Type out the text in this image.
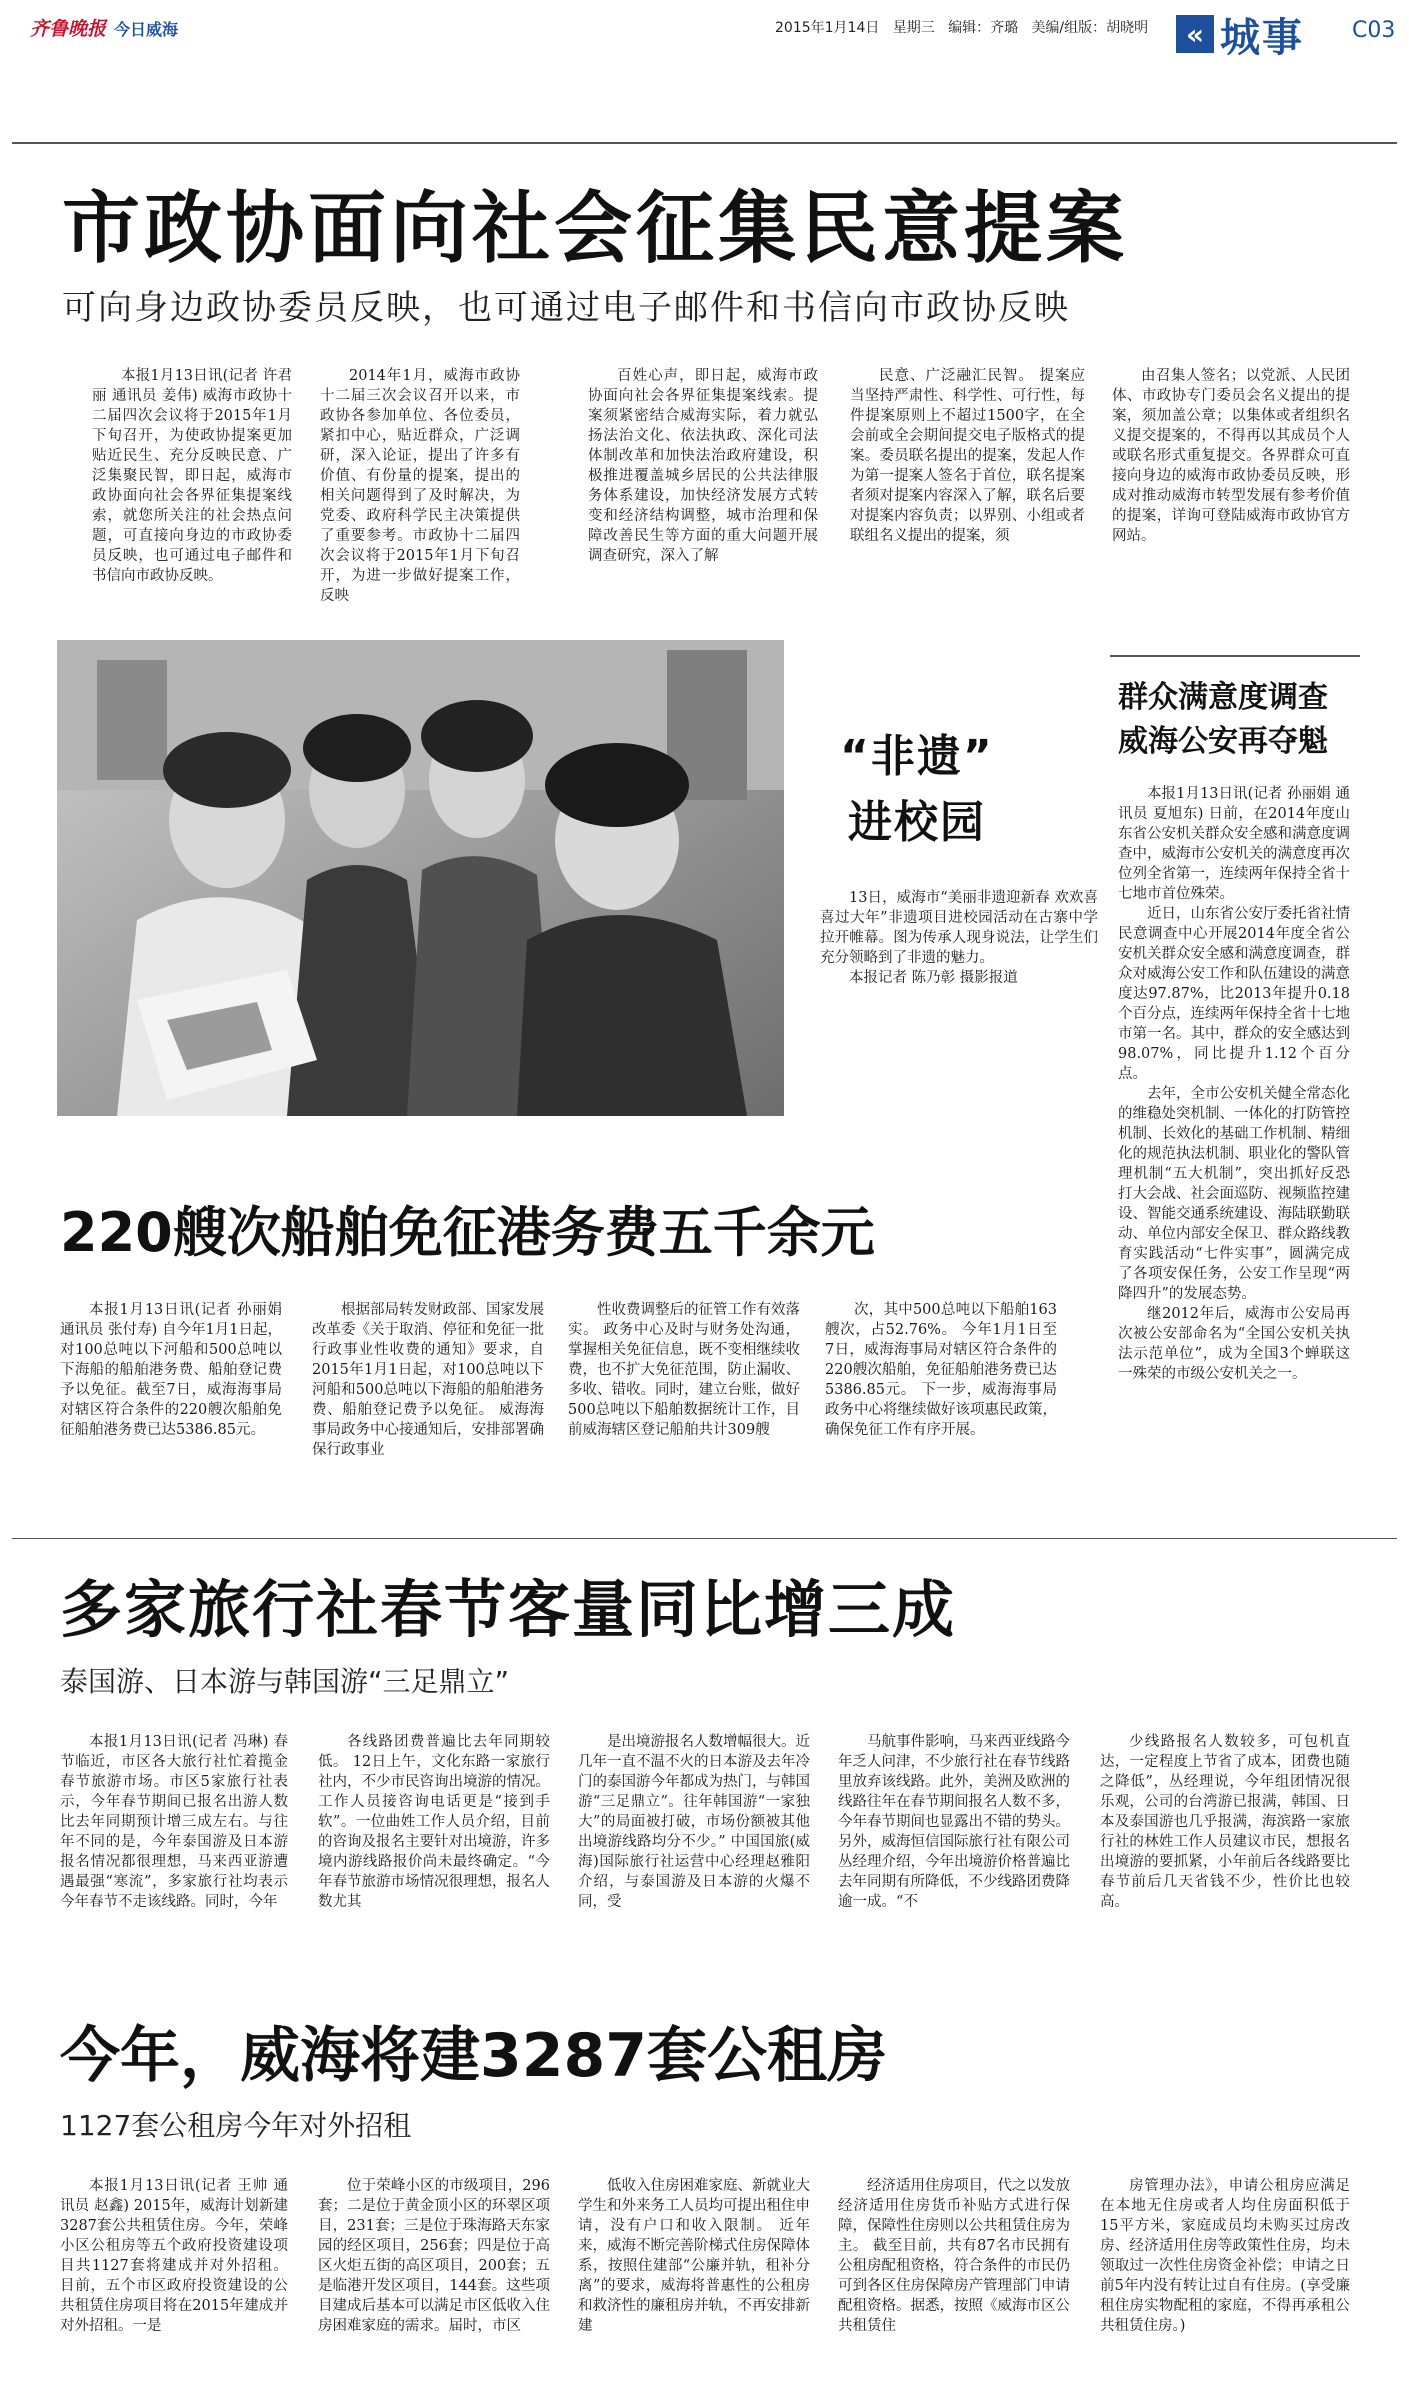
齐鲁晚报 今日威海	2015年1月14日 星期三 编辑：齐璐 美编/组版：胡晓明	« 城事 C03
市政协面向社会征集民意提案
可向身边政协委员反映，也可通过电子邮件和书信向市政协反映

本报1月13日讯(记者 许君丽 通讯员 姜伟) 威海市政协十二届四次会议将于2015年1月下旬召开，为使政协提案更加贴近民生、充分反映民意、广泛集聚民智，即日起，威海市政协面向社会各界征集提案线索，就您所关注的社会热点问题，可直接向身边的市政协委员反映，也可通过电子邮件和书信向市政协反映。

2014年1月，威海市政协十二届三次会议召开以来，市政协各参加单位、各位委员，紧扣中心，贴近群众，广泛调研，深入论证，提出了许多有价值、有份量的提案，提出的相关问题得到了及时解决，为党委、政府科学民主决策提供了重要参考。市政协十二届四次会议将于2015年1月下旬召开，为进一步做好提案工作，反映

百姓心声，即日起，威海市政协面向社会各界征集提案线索。提案须紧密结合威海实际，着力就弘扬法治文化、依法执政、深化司法体制改革和加快法治政府建设，积极推进覆盖城乡居民的公共法律服务体系建设，加快经济发展方式转变和经济结构调整，城市治理和保障改善民生等方面的重大问题开展调查研究，深入了解

民意、广泛融汇民智。 提案应当坚持严肃性、科学性、可行性，每件提案原则上不超过1500字，在全会前或全会期间提交电子版格式的提案。委员联名提出的提案，发起人作为第一提案人签名于首位，联名提案者须对提案内容深入了解，联名后要对提案内容负责；以界别、小组或者联组名义提出的提案，须

由召集人签名；以党派、人民团体、市政协专门委员会名义提出的提案，须加盖公章；以集体或者组织名义提交提案的，不得再以其成员个人或联名形式重复提交。各界群众可直接向身边的威海市政协委员反映，形成对推动威海市转型发展有参考价值的提案，详询可登陆威海市政协官方网站。

“非遗”
进校园

13日，威海市“美丽非遗迎新春 欢欢喜喜过大年”非遗项目进校园活动在古寨中学拉开帷幕。图为传承人现身说法，让学生们充分领略到了非遗的魅力。

本报记者 陈乃彰 摄影报道

群众满意度调查
威海公安再夺魁

本报1月13日讯(记者 孙丽娟 通讯员 夏旭东) 日前，在2014年度山东省公安机关群众安全感和满意度调查中，威海市公安机关的满意度再次位列全省第一，连续两年保持全省十七地市首位殊荣。

近日，山东省公安厅委托省社情民意调查中心开展2014年度全省公安机关群众安全感和满意度调查，群众对威海公安工作和队伍建设的满意度达97.87%，比2013年提升0.18个百分点，连续两年保持全省十七地市第一名。其中，群众的安全感达到98.07%，同比提升1.12个百分点。

去年，全市公安机关健全常态化的维稳处突机制、一体化的打防管控机制、长效化的基础工作机制、精细化的规范执法机制、职业化的警队管理机制“五大机制”，突出抓好反恐打大会战、社会面巡防、视频监控建设、智能交通系统建设、海陆联勤联动、单位内部安全保卫、群众路线教育实践活动“七件实事”，圆满完成了各项安保任务，公安工作呈现“两降四升”的发展态势。

继2012年后，威海市公安局再次被公安部命名为“全国公安机关执法示范单位”，成为全国3个蝉联这一殊荣的市级公安机关之一。

220艘次船舶免征港务费五千余元

本报1月13日讯(记者 孙丽娟 通讯员 张付寿) 自今年1月1日起，对100总吨以下河船和500总吨以下海船的船舶港务费、船舶登记费予以免征。截至7日，威海海事局对辖区符合条件的220艘次船舶免征船舶港务费已达5386.85元。

根据部局转发财政部、国家发展改革委《关于取消、停征和免征一批行政事业性收费的通知》要求，自2015年1月1日起，对100总吨以下河船和500总吨以下海船的船舶港务费、船舶登记费予以免征。 威海海事局政务中心接通知后，安排部署确保行政事业

性收费调整后的征管工作有效落实。 政务中心及时与财务处沟通，掌握相关免征信息，既不变相继续收费，也不扩大免征范围，防止漏收、多收、错收。同时，建立台账，做好500总吨以下船舶数据统计工作，目前威海辖区登记船舶共计309艘

次，其中500总吨以下船舶163艘次，占52.76%。 今年1月1日至7日，威海海事局对辖区符合条件的220艘次船舶，免征船舶港务费已达5386.85元。 下一步，威海海事局政务中心将继续做好该项惠民政策，确保免征工作有序开展。

多家旅行社春节客量同比增三成
泰国游、日本游与韩国游“三足鼎立”

本报1月13日讯(记者 冯琳) 春节临近，市区各大旅行社忙着揽金春节旅游市场。市区5家旅行社表示，今年春节期间已报名出游人数比去年同期预计增三成左右。与往年不同的是，今年泰国游及日本游报名情况都很理想，马来西亚游遭遇最强“寒流”，多家旅行社均表示今年春节不走该线路。同时，今年

各线路团费普遍比去年同期较低。 12日上午，文化东路一家旅行社内，不少市民咨询出境游的情况。工作人员接咨询电话更是“接到手软”。一位曲姓工作人员介绍，目前的咨询及报名主要针对出境游，许多境内游线路报价尚未最终确定。“今年春节旅游市场情况很理想，报名人数尤其

是出境游报名人数增幅很大。近几年一直不温不火的日本游及去年冷门的泰国游今年都成为热门，与韩国游“三足鼎立”。往年韩国游“一家独大”的局面被打破，市场份额被其他出境游线路均分不少。” 中国国旅(威海)国际旅行社运营中心经理赵雅阳介绍，与泰国游及日本游的火爆不同，受

马航事件影响，马来西亚线路今年乏人问津，不少旅行社在春节线路里放弃该线路。此外，美洲及欧洲的线路往年在春节期间报名人数不多，今年春节期间也显露出不错的势头。 另外，威海恒信国际旅行社有限公司丛经理介绍，今年出境游价格普遍比去年同期有所降低，不少线路团费降逾一成。“不

少线路报名人数较多，可包机直达，一定程度上节省了成本，团费也随之降低”，丛经理说，今年组团情况很乐观，公司的台湾游已报满，韩国、日本及泰国游也几乎报满，海滨路一家旅行社的林姓工作人员建议市民，想报名出境游的要抓紧，小年前后各线路要比春节前后几天省钱不少，性价比也较高。

今年，威海将建3287套公租房
1127套公租房今年对外招租

本报1月13日讯(记者 王帅 通讯员 赵鑫) 2015年，威海计划新建3287套公共租赁住房。今年，荣峰小区公租房等五个政府投资建设项目共1127套将建成并对外招租。 目前，五个市区政府投资建设的公共租赁住房项目将在2015年建成并对外招租。一是

位于荣峰小区的市级项目，296套；二是位于黄金顶小区的环翠区项目，231套；三是位于珠海路天东家园的经区项目，256套；四是位于高区火炬五街的高区项目，200套；五是临港开发区项目，144套。这些项目建成后基本可以满足市区低收入住房困难家庭的需求。届时，市区

低收入住房困难家庭、新就业大学生和外来务工人员均可提出租住申请，没有户口和收入限制。 近年来，威海不断完善阶梯式住房保障体系，按照住建部“公廉并轨，租补分离”的要求，威海将普惠性的公租房和救济性的廉租房并轨，不再安排新建

经济适用住房项目，代之以发放经济适用住房货币补贴方式进行保障，保障性住房则以公共租赁住房为主。 截至目前，共有87名市民拥有公租房配租资格，符合条件的市民仍可到各区住房保障房产管理部门申请配租资格。据悉，按照《威海市区公共租赁住

房管理办法》，申请公租房应满足在本地无住房或者人均住房面积低于15平方米，家庭成员均未购买过房改房、经济适用住房等政策性住房，均未领取过一次性住房资金补偿；申请之日前5年内没有转让过自有住房。(享受廉租住房实物配租的家庭，不得再承租公共租赁住房。)
